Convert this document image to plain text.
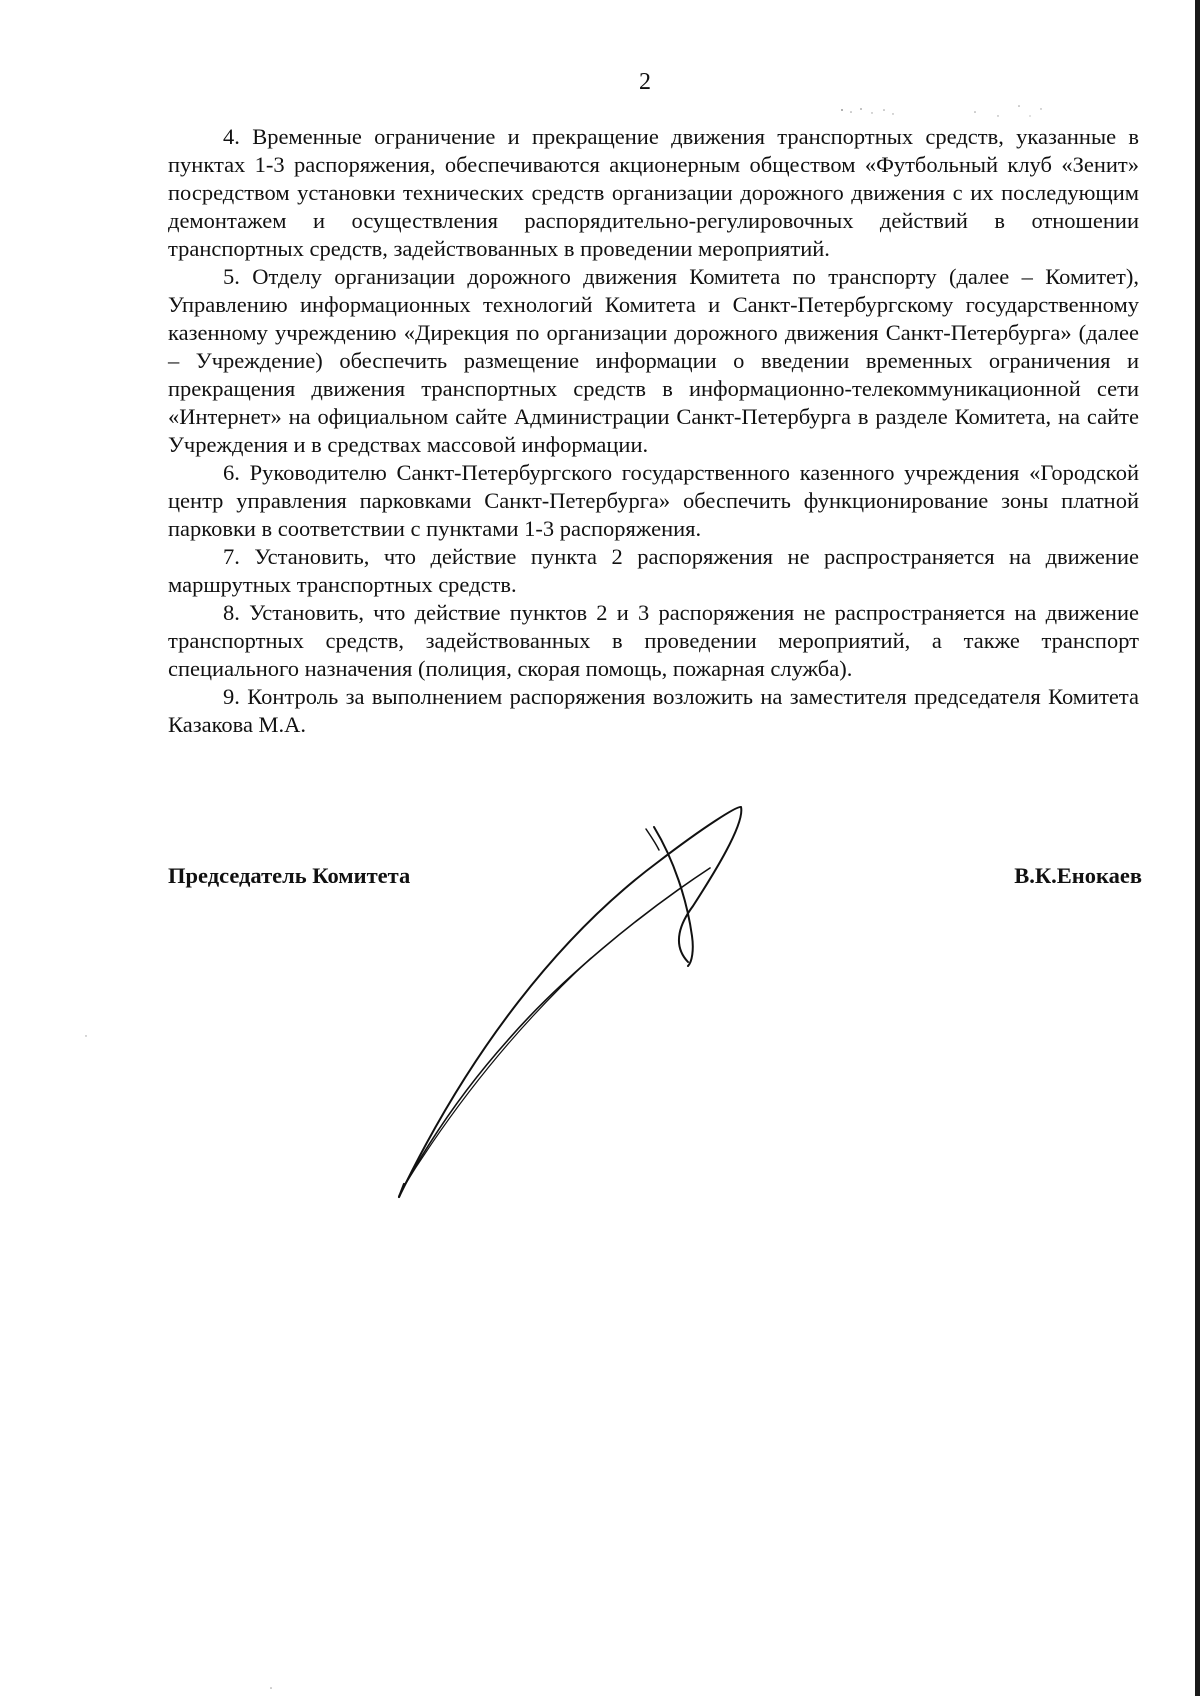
2

4. Временные ограничение и прекращение движения транспортных средств, указанные в пунктах 1-3 распоряжения, обеспечиваются акционерным обществом «Футбольный клуб «Зенит» посредством установки технических средств организации дорожного движения с их последующим демонтажем и осуществления распорядительно-регулировочных действий в отношении транспортных средств, задействованных в проведении мероприятий.

5. Отделу организации дорожного движения Комитета по транспорту (далее – Комитет), Управлению информационных технологий Комитета и Санкт-Петербургскому государственному казенному учреждению «Дирекция по организации дорожного движения Санкт-Петербурга» (далее – Учреждение) обеспечить размещение информации о введении временных ограничения и прекращения движения транспортных средств в информационно-телекоммуникационной сети «Интернет» на официальном сайте Администрации Санкт-Петербурга в разделе Комитета, на сайте Учреждения и в средствах массовой информации.

6. Руководителю Санкт-Петербургского государственного казенного учреждения «Городской центр управления парковками Санкт-Петербурга» обеспечить функционирование зоны платной парковки в соответствии с пунктами 1-3 распоряжения.

7. Установить, что действие пункта 2 распоряжения не распространяется на движение маршрутных транспортных средств.

8. Установить, что действие пунктов 2 и 3 распоряжения не распространяется на движение транспортных средств, задействованных в проведении мероприятий, а также транспорт специального назначения (полиция, скорая помощь, пожарная служба).

9. Контроль за выполнением распоряжения возложить на заместителя председателя Комитета Казакова М.А.

Председатель Комитета	В.К.Енокаев
